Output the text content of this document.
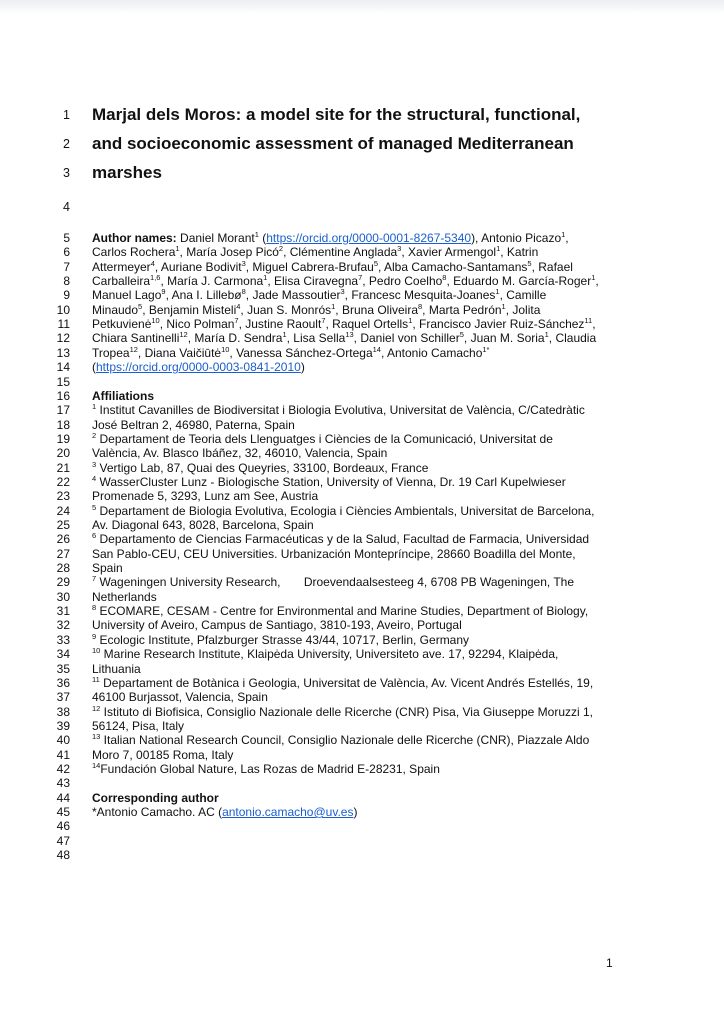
1 Marjal dels Moros: a model site for the structural, functional,
2 and socioeconomic assessment of managed Mediterranean
3 marshes
4
5 Author names: Daniel Morant$^1$ (https://orcid.org/0000-0001-8267-5340), Antonio Picazo$^1$,
6 Carlos Rochera$^1$, María Josep Picó$^2$, Clémentine Anglada$^3$, Xavier Armengol$^1$, Katrin
7 Attermeyer$^4$, Auriane Bodivit$^3$, Miguel Cabrera-Brufau$^5$, Alba Camacho-Santamans$^5$, Rafael
8 Carballeira$^{1,6}$, María J. Carmona$^1$, Elisa Ciravegna$^7$, Pedro Coelho$^8$, Eduardo M. García-Roger$^1$,
9 Manuel Lago$^9$, Ana I. Lillebø$^8$, Jade Massoutier$^3$, Francesc Mesquita-Joanes$^1$, Camille
10 Minaudo$^5$, Benjamin Misteli$^4$, Juan S. Monrós$^1$, Bruna Oliveira$^8$, Marta Pedrón$^1$, Jolita
11 Petkuvienė$^{10}$, Nico Polman$^7$, Justine Raoult$^7$, Raquel Ortells$^1$, Francisco Javier Ruiz-Sánchez$^{11}$,
12 Chiara Santinelli$^{12}$, María D. Sendra$^1$, Lisa Sella$^{13}$, Daniel von Schiller$^5$, Juan M. Soria$^1$, Claudia
13 Tropea$^{12}$, Diana Vaičiūtė$^{10}$, Vanessa Sánchez-Ortega$^{14}$, Antonio Camacho$^{1*}$
14 (https://orcid.org/0000-0003-0841-2010)
15
16 Affiliations
17	$^1$ Institut Cavanilles de Biodiversitat i Biologia Evolutiva, Universitat de València, C/Catedràtic
18 José Beltran 2, 46980, Paterna, Spain
19	$^2$ Departament de Teoria dels Llenguatges i Ciències de la Comunicació, Universitat de
20 València, Av. Blasco Ibáñez, 32, 46010, Valencia, Spain
21	$^3$ Vertigo Lab, 87, Quai des Queyries, 33100, Bordeaux, France
22	$^4$ WasserCluster Lunz - Biologische Station, University of Vienna, Dr. 19 Carl Kupelwieser
23 Promenade 5, 3293, Lunz am See, Austria
24	$^5$ Departament de Biologia Evolutiva, Ecologia i Ciències Ambientals, Universitat de Barcelona,
25 Av. Diagonal 643, 8028, Barcelona, Spain
26	$^6$ Departamento de Ciencias Farmacéuticas y de la Salud, Facultad de Farmacia, Universidad
27 San Pablo-CEU, CEU Universities. Urbanización Montepríncipe, 28660 Boadilla del Monte,
28 Spain
29	$^7$ Wageningen University Research,       Droevendaalsesteeg 4, 6708 PB Wageningen, The
30 Netherlands
31	$^8$ ECOMARE, CESAM - Centre for Environmental and Marine Studies, Department of Biology,
32 University of Aveiro, Campus de Santiago, 3810-193, Aveiro, Portugal
33	$^9$ Ecologic Institute, Pfalzburger Strasse 43/44, 10717, Berlin, Germany
34	$^{10}$ Marine Research Institute, Klaipėda University, Universiteto ave. 17, 92294, Klaipėda,
35 Lithuania
36	$^{11}$ Departament de Botànica i Geologia, Universitat de València, Av. Vicent Andrés Estellés, 19,
37 46100 Burjassot, Valencia, Spain
38	$^{12}$ Istituto di Biofisica, Consiglio Nazionale delle Ricerche (CNR) Pisa, Via Giuseppe Moruzzi 1,
39 56124, Pisa, Italy
40	$^{13}$ Italian National Research Council, Consiglio Nazionale delle Ricerche (CNR), Piazzale Aldo
41 Moro 7, 00185 Roma, Italy
42	$^{14}$Fundación Global Nature, Las Rozas de Madrid E-28231, Spain
43
44 Corresponding author
45 *Antonio Camacho. AC (antonio.camacho@uv.es)
46
47
48
1
